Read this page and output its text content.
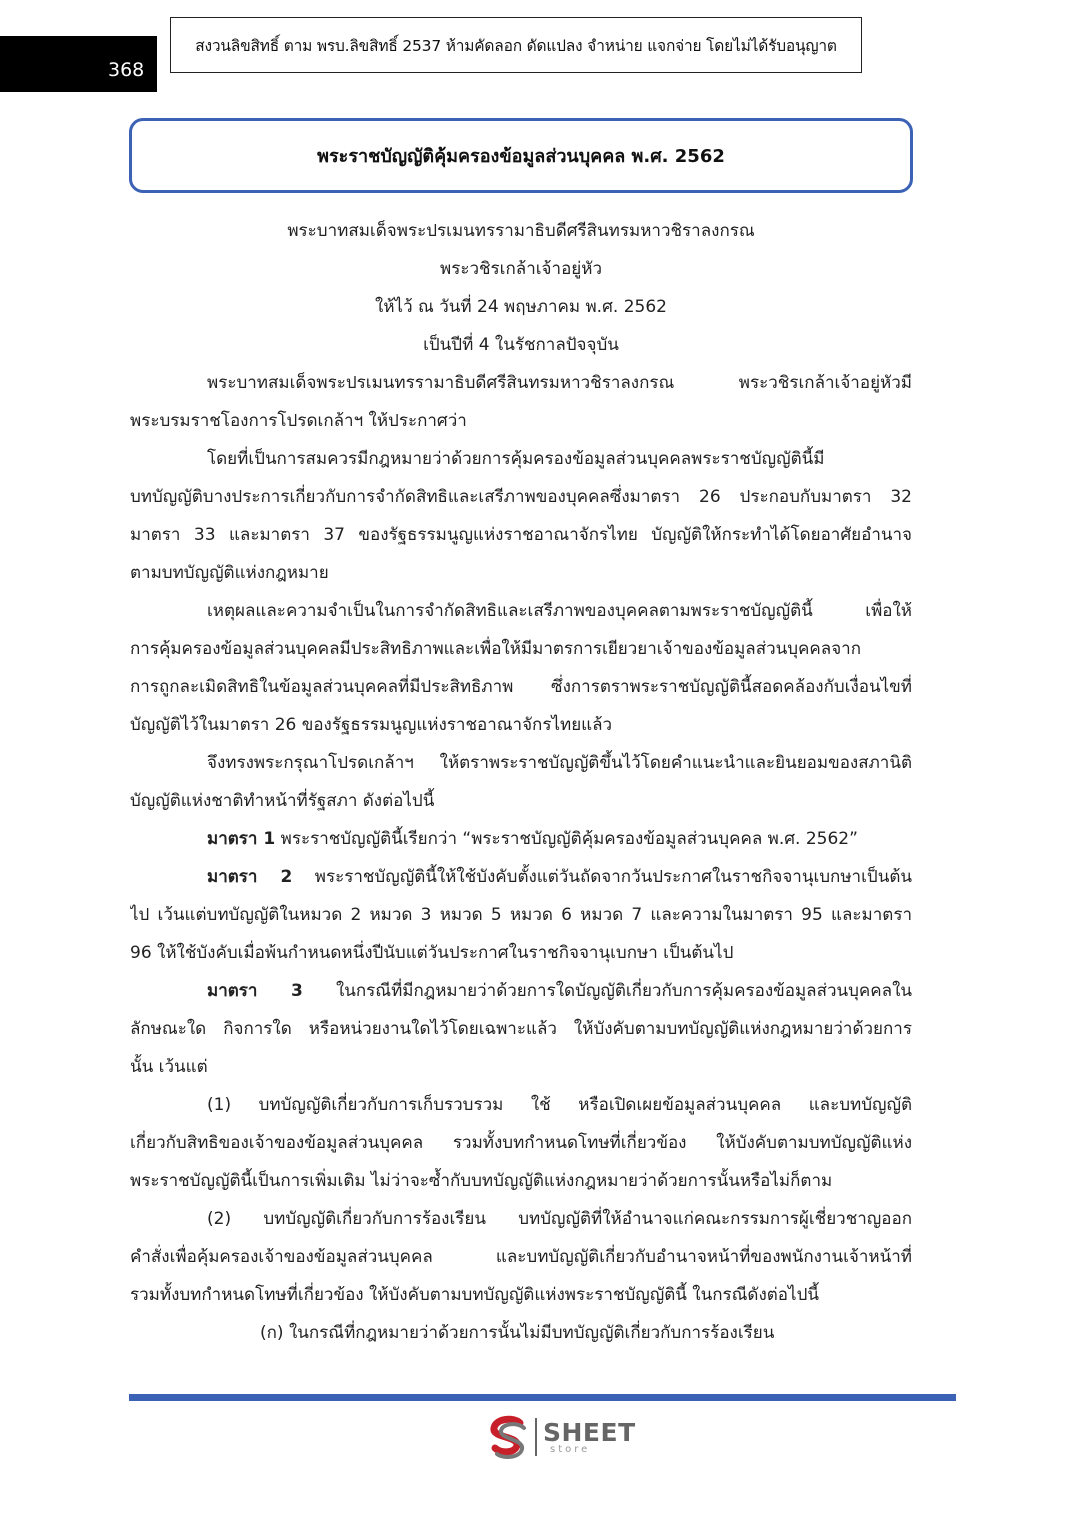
368
สงวนลิขสิทธิ์ ตาม พรบ.ลิขสิทธิ์ 2537 ห้ามคัดลอก ดัดแปลง จำหน่าย แจกจ่าย โดยไม่ได้รับอนุญาต
พระราชบัญญัติคุ้มครองข้อมูลส่วนบุคคล พ.ศ. 2562
พระบาทสมเด็จพระปรเมนทรรามาธิบดีศรีสินทรมหาวชิราลงกรณ
พระวชิรเกล้าเจ้าอยู่หัว
ให้ไว้ ณ วันที่ 24 พฤษภาคม พ.ศ. 2562
เป็นปีที่ 4 ในรัชกาลปัจจุบัน
พระบาทสมเด็จพระปรเมนทรรามาธิบดีศรีสินทรมหาวชิราลงกรณ พระวชิรเกล้าเจ้าอยู่หัวมี
พระบรมราชโองการโปรดเกล้าฯ ให้ประกาศว่า
โดยที่เป็นการสมควรมีกฎหมายว่าด้วยการคุ้มครองข้อมูลส่วนบุคคลพระราชบัญญัตินี้มี
บทบัญญัติบางประการเกี่ยวกับการจำกัดสิทธิและเสรีภาพของบุคคลซึ่งมาตรา 26 ประกอบกับมาตรา 32
มาตรา 33 และมาตรา 37 ของรัฐธรรมนูญแห่งราชอาณาจักรไทย บัญญัติให้กระทำได้โดยอาศัยอำนาจ
ตามบทบัญญัติแห่งกฎหมาย
เหตุผลและความจำเป็นในการจำกัดสิทธิและเสรีภาพของบุคคลตามพระราชบัญญัตินี้ เพื่อให้
การคุ้มครองข้อมูลส่วนบุคคลมีประสิทธิภาพและเพื่อให้มีมาตรการเยียวยาเจ้าของข้อมูลส่วนบุคคลจาก
การถูกละเมิดสิทธิในข้อมูลส่วนบุคคลที่มีประสิทธิภาพ ซึ่งการตราพระราชบัญญัตินี้สอดคล้องกับเงื่อนไขที่
บัญญัติไว้ในมาตรา 26 ของรัฐธรรมนูญแห่งราชอาณาจักรไทยแล้ว
จึงทรงพระกรุณาโปรดเกล้าฯ ให้ตราพระราชบัญญัติขึ้นไว้โดยคำแนะนำและยินยอมของสภานิติ
บัญญัติแห่งชาติทำหน้าที่รัฐสภา ดังต่อไปนี้
มาตรา 1 พระราชบัญญัตินี้เรียกว่า “พระราชบัญญัติคุ้มครองข้อมูลส่วนบุคคล พ.ศ. 2562”
มาตรา 2 พระราชบัญญัตินี้ให้ใช้บังคับตั้งแต่วันถัดจากวันประกาศในราชกิจจานุเบกษาเป็นต้น
ไป เว้นแต่บทบัญญัติในหมวด 2 หมวด 3 หมวด 5 หมวด 6 หมวด 7 และความในมาตรา 95 และมาตรา
96 ให้ใช้บังคับเมื่อพ้นกำหนดหนึ่งปีนับแต่วันประกาศในราชกิจจานุเบกษา เป็นต้นไป
มาตรา 3 ในกรณีที่มีกฎหมายว่าด้วยการใดบัญญัติเกี่ยวกับการคุ้มครองข้อมูลส่วนบุคคลใน
ลักษณะใด กิจการใด หรือหน่วยงานใดไว้โดยเฉพาะแล้ว ให้บังคับตามบทบัญญัติแห่งกฎหมายว่าด้วยการ
นั้น เว้นแต่
(1) บทบัญญัติเกี่ยวกับการเก็บรวบรวม ใช้ หรือเปิดเผยข้อมูลส่วนบุคคล และบทบัญญัติ
เกี่ยวกับสิทธิของเจ้าของข้อมูลส่วนบุคคล รวมทั้งบทกำหนดโทษที่เกี่ยวข้อง ให้บังคับตามบทบัญญัติแห่ง
พระราชบัญญัตินี้เป็นการเพิ่มเติม ไม่ว่าจะซ้ำกับบทบัญญัติแห่งกฎหมายว่าด้วยการนั้นหรือไม่ก็ตาม
(2) บทบัญญัติเกี่ยวกับการร้องเรียน บทบัญญัติที่ให้อำนาจแก่คณะกรรมการผู้เชี่ยวชาญออก
คำสั่งเพื่อคุ้มครองเจ้าของข้อมูลส่วนบุคคล และบทบัญญัติเกี่ยวกับอำนาจหน้าที่ของพนักงานเจ้าหน้าที่
รวมทั้งบทกำหนดโทษที่เกี่ยวข้อง ให้บังคับตามบทบัญญัติแห่งพระราชบัญญัตินี้ ในกรณีดังต่อไปนี้
(ก) ในกรณีที่กฎหมายว่าด้วยการนั้นไม่มีบทบัญญัติเกี่ยวกับการร้องเรียน
SHEET
store
